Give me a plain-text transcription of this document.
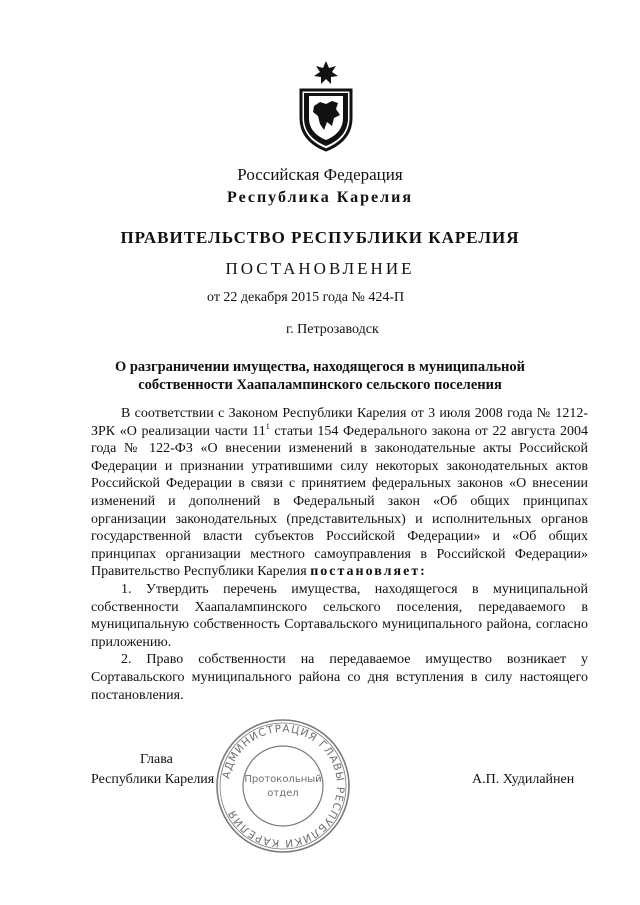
Российская Федерация
Республика Карелия
ПРАВИТЕЛЬСТВО РЕСПУБЛИКИ КАРЕЛИЯ
ПОСТАНОВЛЕНИЕ
от 22 декабря 2015 года № 424-П
г. Петрозаводск
О разграничении имущества, находящегося в муниципальной
собственности Хаапалампинского сельского поселения

В соответствии с Законом Республики Карелия от 3 июля 2008 года № 1212-ЗРК «О реализации части $11^1$ статьи 154 Федерального закона от 22 августа 2004 года № 122-ФЗ «О внесении изменений в законодательные акты Российской Федерации и признании утратившими силу некоторых законодательных актов Российской Федерации в связи с принятием федеральных законов «О внесении изменений и дополнений в Федеральный закон «Об общих принципах организации законодательных (представительных) и исполнительных органов государственной власти субъектов Российской Федерации» и «Об общих принципах организации местного самоуправления в Российской Федерации» Правительство Республики Карелия постановляет:

1. Утвердить перечень имущества, находящегося в муниципальной собственности Хаапалампинского сельского поселения, передаваемого в муниципальную собственность Сортавальского муниципального района, согласно приложению.

2. Право собственности на передаваемое имущество возникает у Сортавальского муниципального района со дня вступления в силу настоящего постановления.

Глава
Республики Карелия	А.П. Худилайнен
АДМИНИСТРАЦИЯ ГЛАВЫ РЕСПУБЛИКИ КАРЕЛИЯ
Протокольный
отдел
